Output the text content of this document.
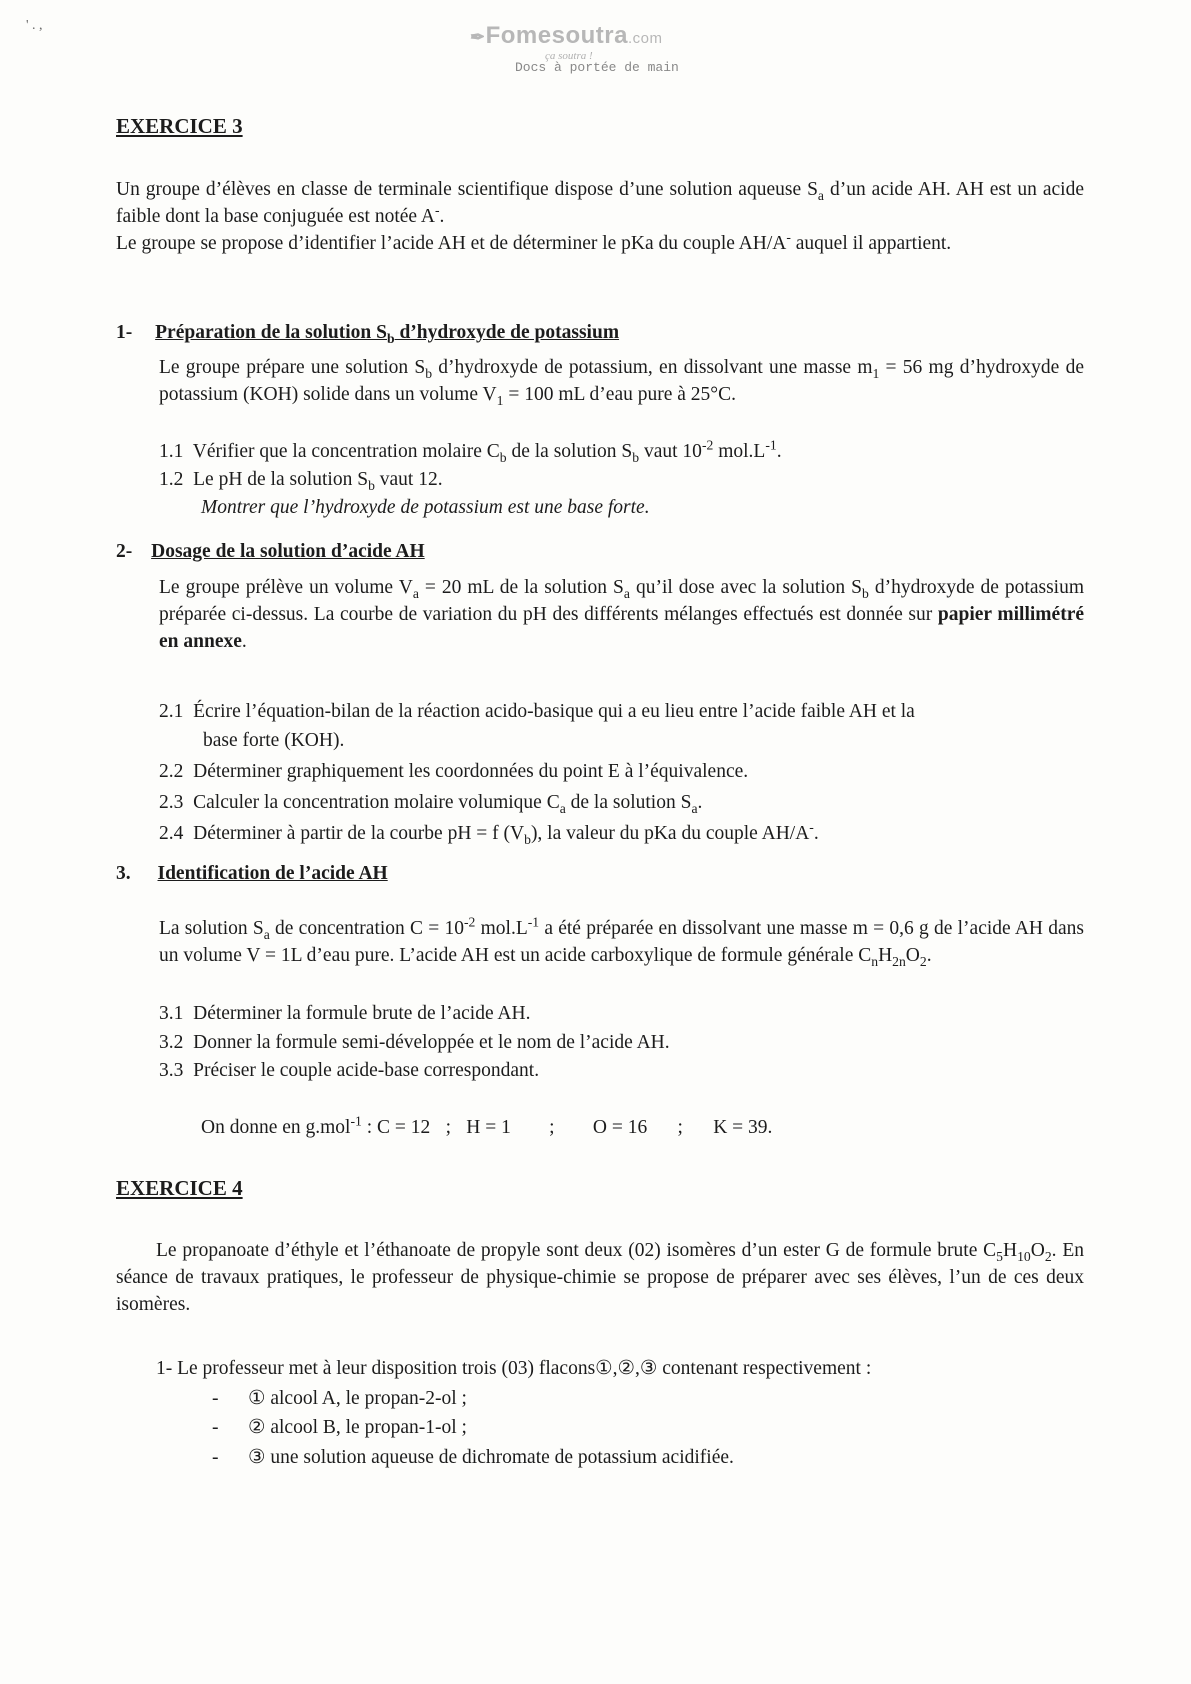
' . ,
✒Fomesoutra.com
ça soutra !
Docs à portée de main
EXERCICE 3
Un groupe d’élèves en classe de terminale scientifique dispose d’une solution aqueuse $S_a$ d’un acide AH. AH est un acide faible dont la base conjuguée est notée A-.
Le groupe se propose d’identifier l’acide AH et de déterminer le pKa du couple AH/A- auquel il appartient.
1- Préparation de la solution $S_b$ d’hydroxyde de potassium
Le groupe prépare une solution $S_b$ d’hydroxyde de potassium, en dissolvant une masse $m_1 = 56$ mg d’hydroxyde de potassium (KOH) solide dans un volume $V_1 = 100$ mL d’eau pure à 25°C.
1.1 Vérifier que la concentration molaire $C_b$ de la solution $S_b$ vaut $10^{-2}$ $mol.L^{-1}$.
1.2 Le pH de la solution $S_b$ vaut 12.
Montrer que l’hydroxyde de potassium est une base forte.
2- Dosage de la solution d’acide AH
Le groupe prélève un volume $V_a = 20$ mL de la solution $S_a$ qu’il dose avec la solution $S_b$ d’hydroxyde de potassium préparée ci-dessus. La courbe de variation du pH des différents mélanges effectués est donnée sur papier millimétré en annexe.
2.1 Écrire l’équation-bilan de la réaction acido-basique qui a eu lieu entre l’acide faible AH et la
base forte (KOH).
2.2 Déterminer graphiquement les coordonnées du point E à l’équivalence.
2.3 Calculer la concentration molaire volumique $C_a$ de la solution $S_a$.
2.4 Déterminer à partir de la courbe pH = f $(V_b)$, la valeur du pKa du couple AH/A-.
3. Identification de l’acide AH
La solution $S_a$ de concentration $C = 10^{-2}$ $mol.L^{-1}$ a été préparée en dissolvant une masse m = 0,6 g de l’acide AH dans un volume V = 1L d’eau pure. L’acide AH est un acide carboxylique de formule générale $C_nH_{2n}O_2$.
3.1 Déterminer la formule brute de l’acide AH.
3.2 Donner la formule semi-développée et le nom de l’acide AH.
3.3 Préciser le couple acide-base correspondant.
On donne en g.mol$^{-1}$ : C = 12 ; H = 1 ; O = 16 ; K = 39.
EXERCICE 4
Le propanoate d’éthyle et l’éthanoate de propyle sont deux (02) isomères d’un ester G de formule brute $C_5H_{10}O_2$. En séance de travaux pratiques, le professeur de physique-chimie se propose de préparer avec ses élèves, l’un de ces deux isomères.
1- Le professeur met à leur disposition trois (03) flacons①,②,③ contenant respectivement :
- ① alcool A, le propan-2-ol ;
- ② alcool B, le propan-1-ol ;
- ③ une solution aqueuse de dichromate de potassium acidifiée.
